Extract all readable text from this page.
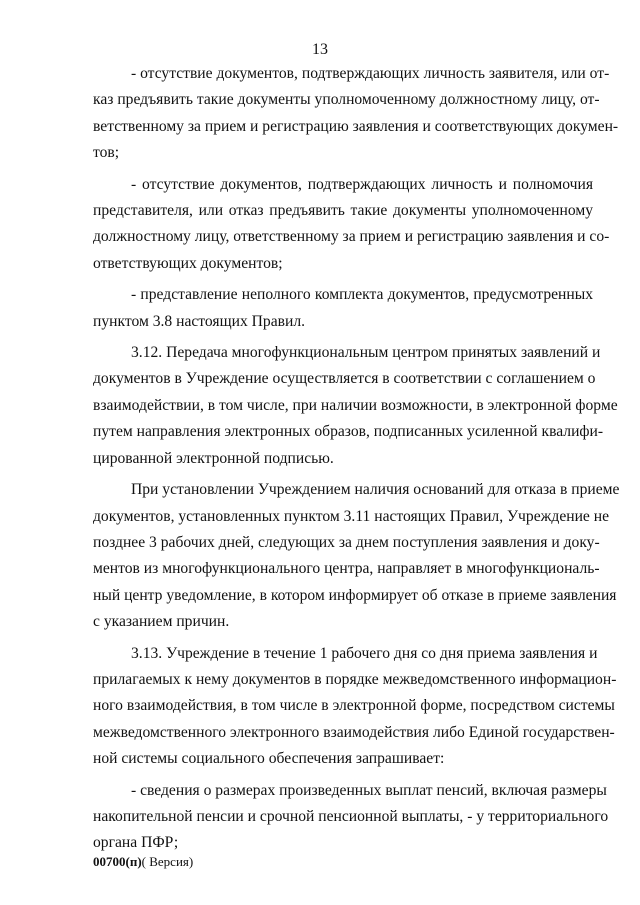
13
- отсутствие документов, подтверждающих личность заявителя, или от-
каз предъявить такие документы уполномоченному должностному лицу, от-
ветственному за прием и регистрацию заявления и соответствующих докумен-
тов;
- отсутствие документов, подтверждающих личность и полномочия
представителя, или отказ предъявить такие документы уполномоченному
должностному лицу, ответственному за прием и регистрацию заявления и со-
ответствующих документов;
- представление неполного комплекта документов, предусмотренных
пунктом 3.8 настоящих Правил.
3.12. Передача многофункциональным центром принятых заявлений и
документов в Учреждение осуществляется в соответствии с соглашением о
взаимодействии, в том числе, при наличии возможности, в электронной форме
путем направления электронных образов, подписанных усиленной квалифи-
цированной электронной подписью.
При установлении Учреждением наличия оснований для отказа в приеме
документов, установленных пунктом 3.11 настоящих Правил, Учреждение не
позднее 3 рабочих дней, следующих за днем поступления заявления и доку-
ментов из многофункционального центра, направляет в многофункциональ-
ный центр уведомление, в котором информирует об отказе в приеме заявления
с указанием причин.
3.13. Учреждение в течение 1 рабочего дня со дня приема заявления и
прилагаемых к нему документов в порядке межведомственного информацион-
ного взаимодействия, в том числе в электронной форме, посредством системы
межведомственного электронного взаимодействия либо Единой государствен-
ной системы социального обеспечения запрашивает:
- сведения о размерах произведенных выплат пенсий, включая размеры
накопительной пенсии и срочной пенсионной выплаты, - у территориального
органа ПФР;
00700(п)( Версия)
